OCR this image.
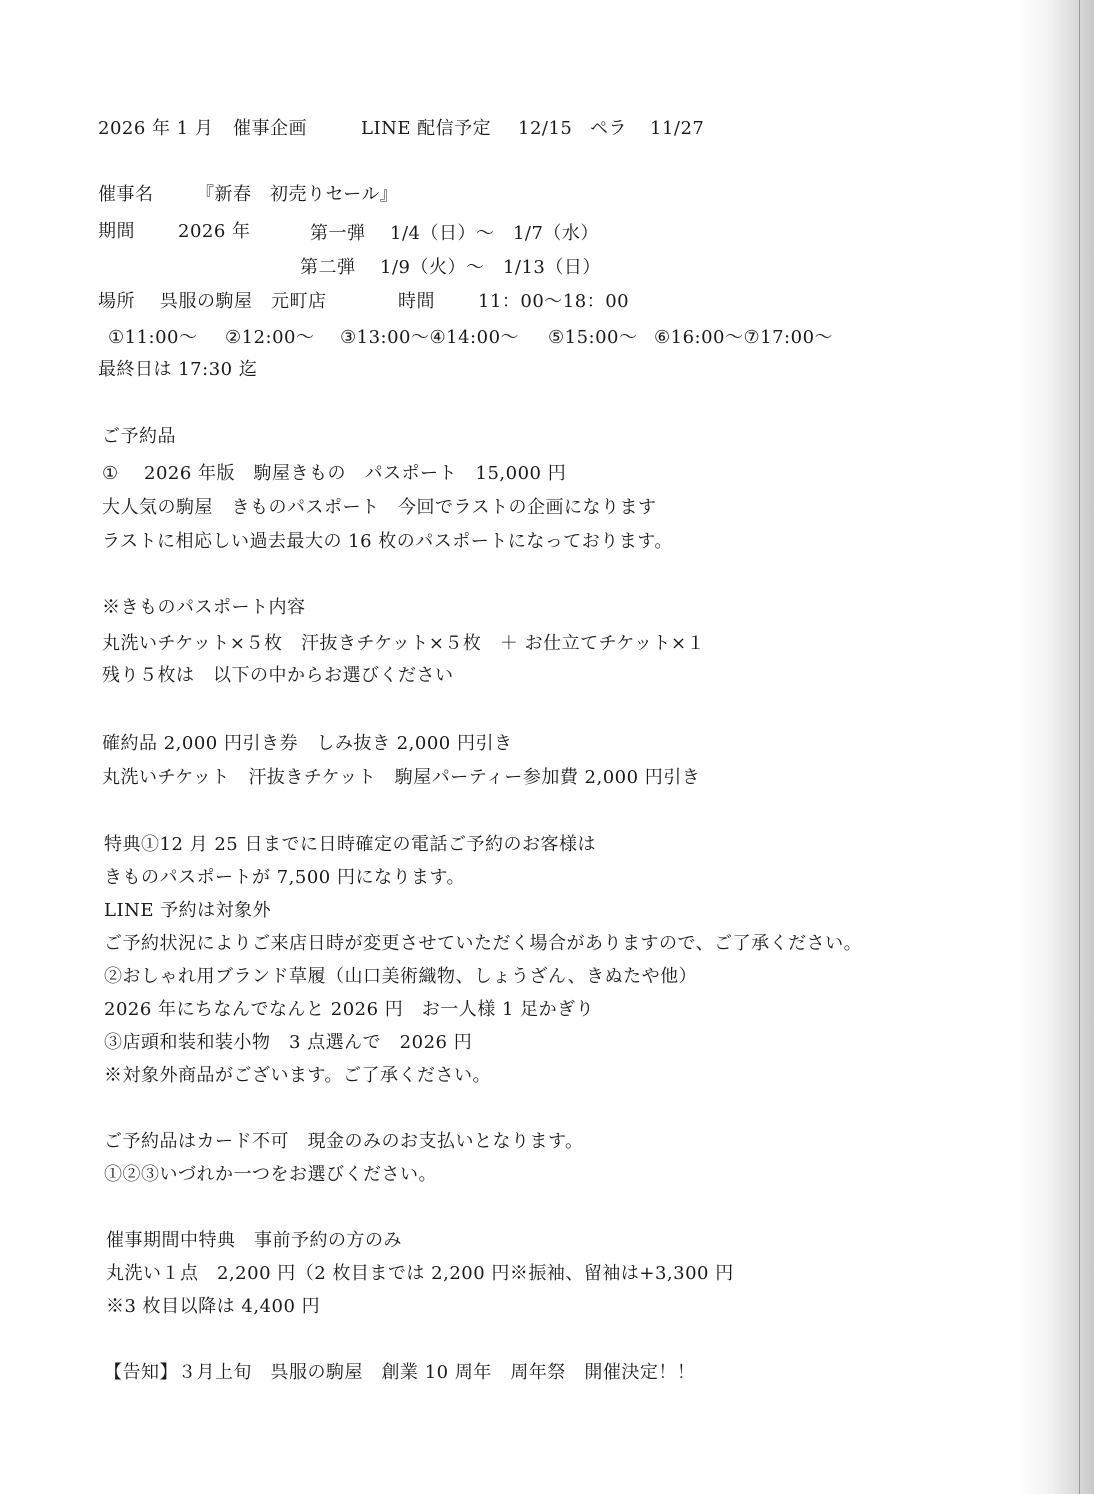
2026 年 1 月 催事企画	LINE 配信予定 12/15 ペラ 11/27
催事名 『新春　初売りセール』
期間 2026 年	第一弾 1/4（日）～　1/7（水）
第二弾 1/9（火）～　1/13（日）
場所 呉服の駒屋　元町店	時間 11：00～18：00
①11:00～ ②12:00～ ③13:00～④14:00～ ⑤15:00～ ⑥16:00～⑦17:00～
最終日は 17:30 迄
ご予約品
① 2026 年版　駒屋きもの　パスポート　15,000 円
大人気の駒屋　きものパスポート　今回でラストの企画になります
ラストに相応しい過去最大の 16 枚のパスポートになっております。
※きものパスポート内容
丸洗いチケット×５枚　汗抜きチケット×５枚　＋ お仕立てチケット×１
残り５枚は　以下の中からお選びください
確約品 2,000 円引き券　しみ抜き 2,000 円引き
丸洗いチケット　汗抜きチケット　駒屋パーティー参加費 2,000 円引き
特典①12 月 25 日までに日時確定の電話ご予約のお客様は
きものパスポートが 7,500 円になります。
LINE 予約は対象外
ご予約状況によりご来店日時が変更させていただく場合がありますので、ご了承ください。
②おしゃれ用ブランド草履（山口美術織物、しょうざん、きぬたや他）
2026 年にちなんでなんと 2026 円　お一人様 1 足かぎり
③店頭和装和装小物　3 点選んで　2026 円
※対象外商品がございます。ご了承ください。
ご予約品はカード不可　現金のみのお支払いとなります。
①②③いづれか一つをお選びください。
催事期間中特典　事前予約の方のみ
丸洗い１点　2,200 円（2 枚目までは 2,200 円※振袖、留袖は+3,300 円
※3 枚目以降は 4,400 円
【告知】３月上旬　呉服の駒屋　創業 10 周年　周年祭　開催決定！！
